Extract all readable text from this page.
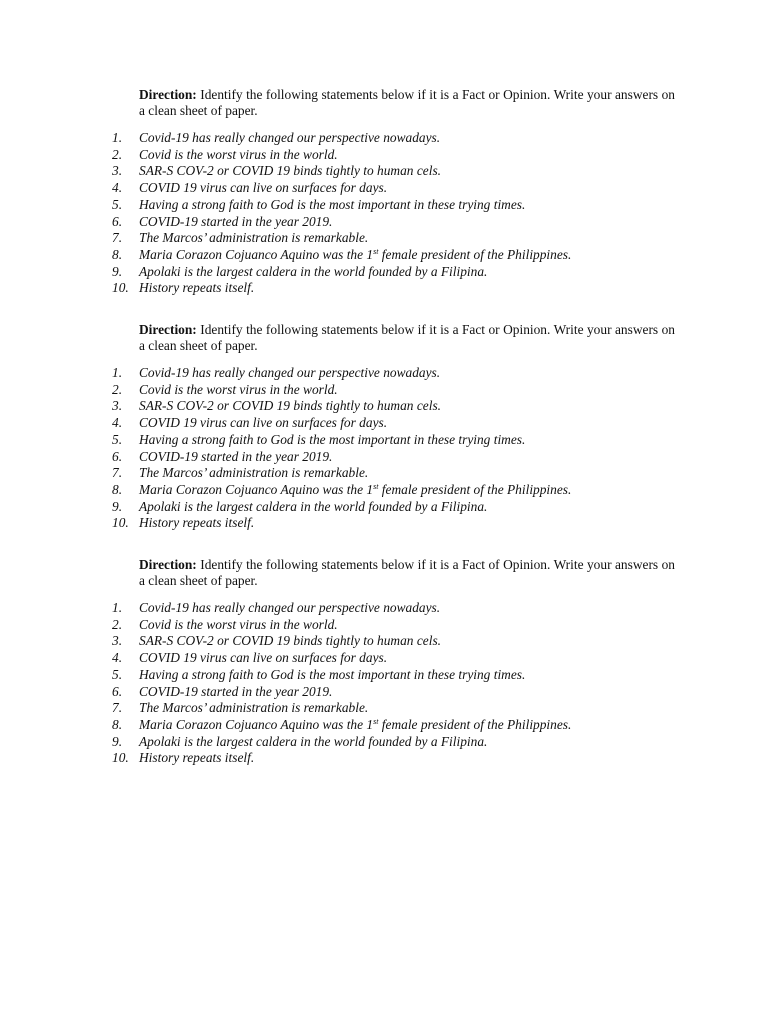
Direction: Identify the following statements below if it is a Fact or Opinion. Write your answers on a clean sheet of paper.

1. Covid-19 has really changed our perspective nowadays.
2. Covid is the worst virus in the world.
3. SAR-S COV-2 or COVID 19 binds tightly to human cels.
4. COVID 19 virus can live on surfaces for days.
5. Having a strong faith to God is the most important in these trying times.
6. COVID-19 started in the year 2019.
7. The Marcos’ administration is remarkable.
8. Maria Corazon Cojuanco Aquino was the 1st female president of the Philippines.
9. Apolaki is the largest caldera in the world founded by a Filipina.
10. History repeats itself.

Direction: Identify the following statements below if it is a Fact or Opinion. Write your answers on a clean sheet of paper.

1. Covid-19 has really changed our perspective nowadays.
2. Covid is the worst virus in the world.
3. SAR-S COV-2 or COVID 19 binds tightly to human cels.
4. COVID 19 virus can live on surfaces for days.
5. Having a strong faith to God is the most important in these trying times.
6. COVID-19 started in the year 2019.
7. The Marcos’ administration is remarkable.
8. Maria Corazon Cojuanco Aquino was the 1st female president of the Philippines.
9. Apolaki is the largest caldera in the world founded by a Filipina.
10. History repeats itself.

Direction: Identify the following statements below if it is a Fact of Opinion. Write your answers on a clean sheet of paper.

1. Covid-19 has really changed our perspective nowadays.
2. Covid is the worst virus in the world.
3. SAR-S COV-2 or COVID 19 binds tightly to human cels.
4. COVID 19 virus can live on surfaces for days.
5. Having a strong faith to God is the most important in these trying times.
6. COVID-19 started in the year 2019.
7. The Marcos’ administration is remarkable.
8. Maria Corazon Cojuanco Aquino was the 1st female president of the Philippines.
9. Apolaki is the largest caldera in the world founded by a Filipina.
10. History repeats itself.
